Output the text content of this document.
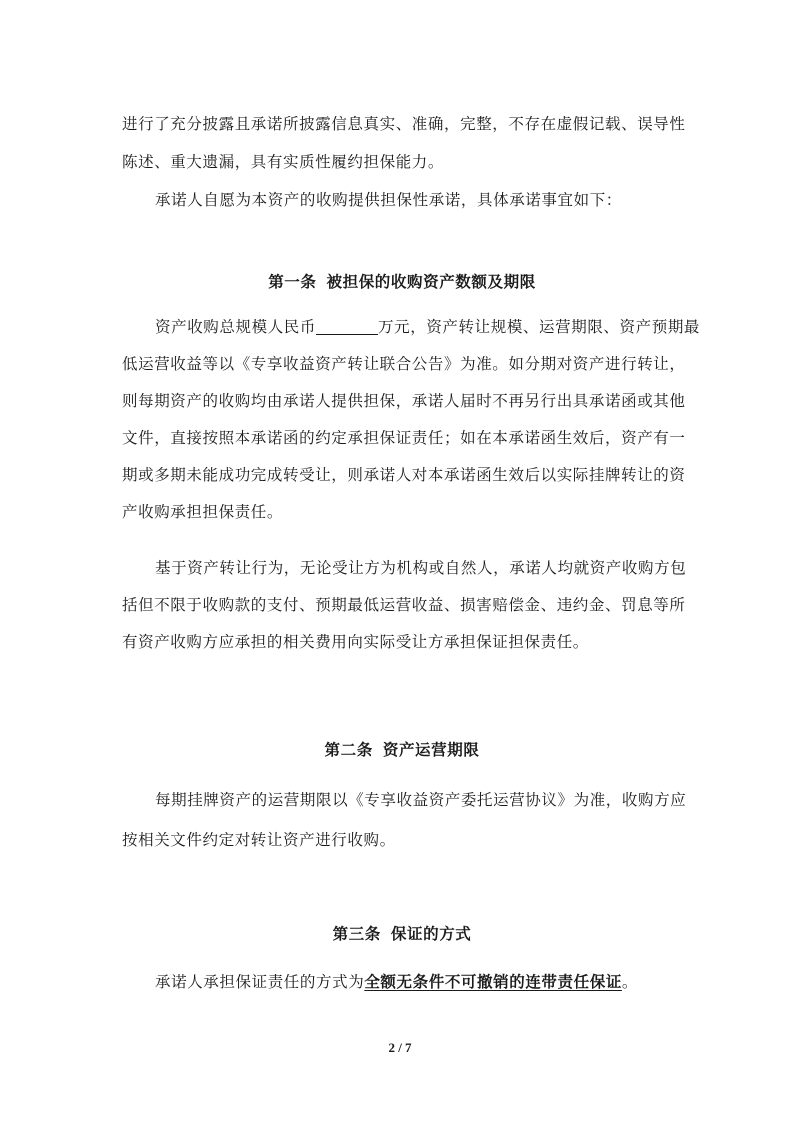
进行了充分披露且承诺所披露信息真实、准确，完整，不存在虚假记载、误导性
陈述、重大遗漏，具有实质性履约担保能力。
承诺人自愿为本资产的收购提供担保性承诺，具体承诺事宜如下：
第一条 被担保的收购资产数额及期限
资产收购总规模人民币	万元，资产转让规模、运营期限、资产预期最
低运营收益等以《专享收益资产转让联合公告》为准。如分期对资产进行转让，
则每期资产的收购均由承诺人提供担保，承诺人届时不再另行出具承诺函或其他
文件，直接按照本承诺函的约定承担保证责任；如在本承诺函生效后，资产有一
期或多期未能成功完成转受让，则承诺人对本承诺函生效后以实际挂牌转让的资
产收购承担担保责任。
基于资产转让行为，无论受让方为机构或自然人，承诺人均就资产收购方包
括但不限于收购款的支付、预期最低运营收益、损害赔偿金、违约金、罚息等所
有资产收购方应承担的相关费用向实际受让方承担保证担保责任。
第二条 资产运营期限
每期挂牌资产的运营期限以《专享收益资产委托运营协议》为准，收购方应
按相关文件约定对转让资产进行收购。
第三条 保证的方式
承诺人承担保证责任的方式为全额无条件不可撤销的连带责任保证。
2 / 7
